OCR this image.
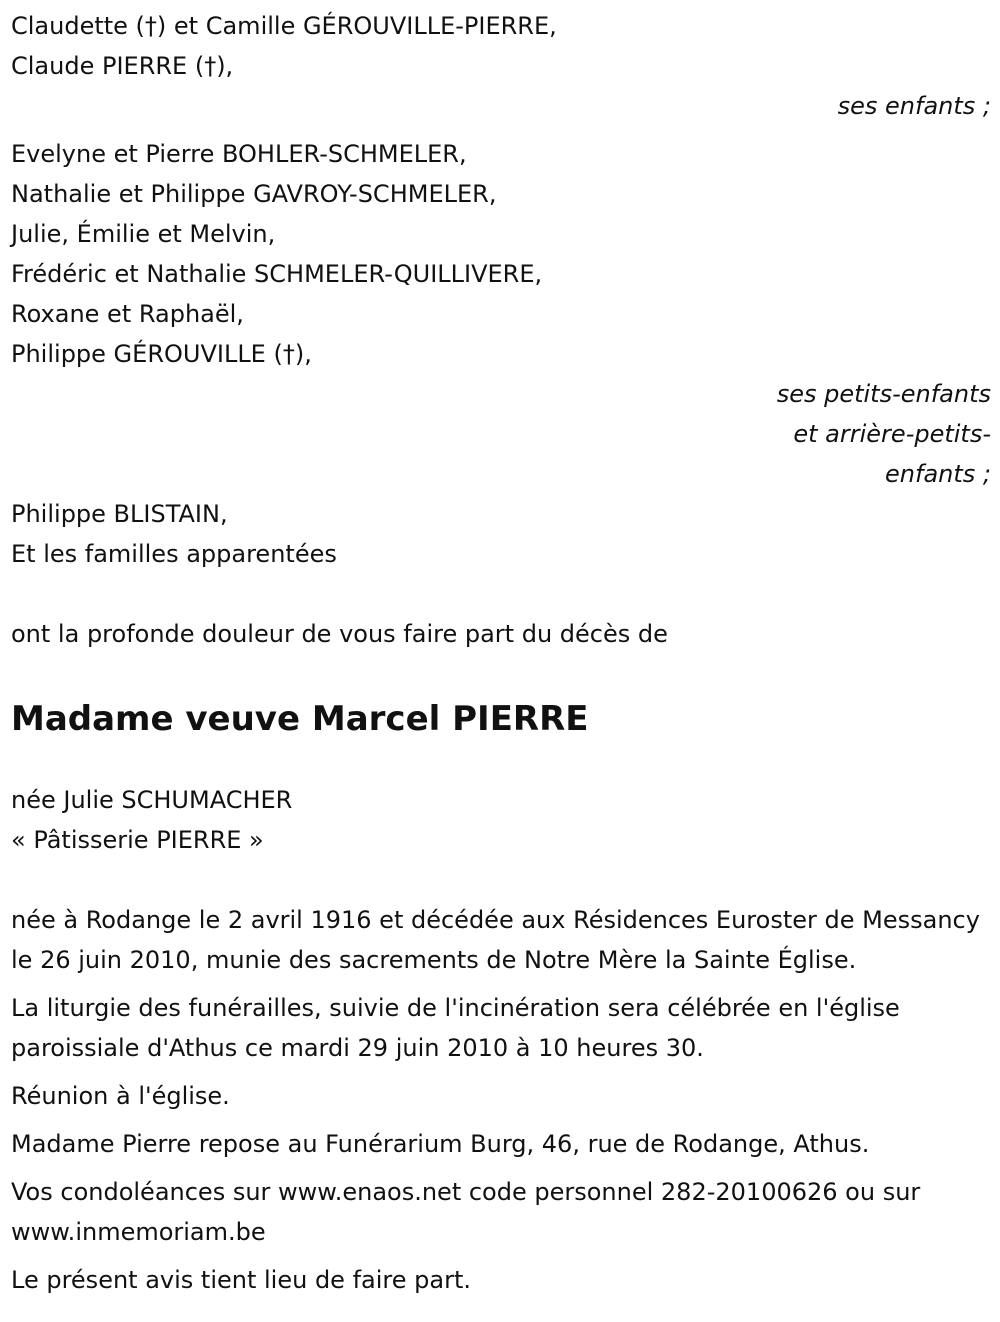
Claudette (†) et Camille GÉROUVILLE-PIERRE,
Claude PIERRE (†),
ses enfants ;
Evelyne et Pierre BOHLER-SCHMELER,
Nathalie et Philippe GAVROY-SCHMELER,
Julie, Émilie et Melvin,
Frédéric et Nathalie SCHMELER-QUILLIVERE,
Roxane et Raphaël,
Philippe GÉROUVILLE (†),
ses petits-enfants
et arrière-petits-
enfants ;
Philippe BLISTAIN,
Et les familles apparentées
ont la profonde douleur de vous faire part du décès de
Madame veuve Marcel PIERRE
née Julie SCHUMACHER
« Pâtisserie PIERRE »
née à Rodange le 2 avril 1916 et décédée aux Résidences Euroster de Messancy le 26 juin 2010, munie des sacrements de Notre Mère la Sainte Église.
La liturgie des funérailles, suivie de l'incinération sera célébrée en l'église paroissiale d'Athus ce mardi 29 juin 2010 à 10 heures 30.
Réunion à l'église.
Madame Pierre repose au Funérarium Burg, 46, rue de Rodange, Athus.
Vos condoléances sur www.enaos.net code personnel 282-20100626 ou sur www.inmemoriam.be
Le présent avis tient lieu de faire part.
